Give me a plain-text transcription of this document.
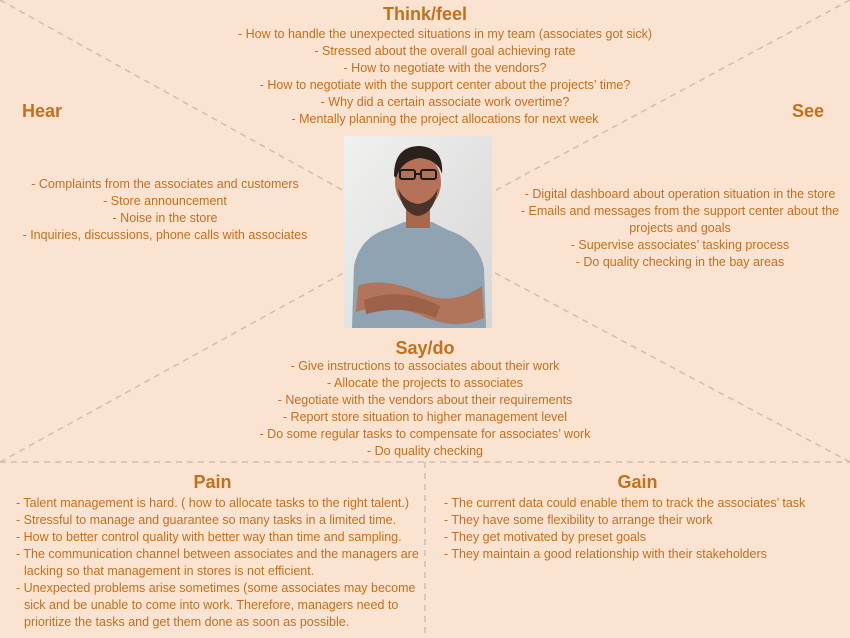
Think/feel
- How to handle the unexpected situations in my team (associates got sick)
- Stressed about the overall goal achieving rate
- How to negotiate with the vendors?
- How to negotiate with the support center about the projects’ time?
- Why did a certain associate work overtime?
- Mentally planning the project allocations for next week
Hear
- Complaints from the associates and customers
- Store announcement
- Noise in the store
- Inquiries, discussions, phone calls with associates
See
- Digital dashboard about operation situation in the store
- Emails and messages from the support center about the
projects and goals
- Supervise associates’ tasking process
- Do quality checking in the bay areas
Say/do
- Give instructions to associates about their work
- Allocate the projects to associates
- Negotiate with the vendors about their requirements
- Report store situation to higher management level
- Do some regular tasks to compensate for associates’ work
- Do quality checking
Pain
- Talent management is hard. ( how to allocate tasks to the right talent.)
- Stressful to manage and guarantee so many tasks in a limited time.
- How to better control quality with better way than time and sampling.
- The communication channel between associates and the managers are lacking so that management in stores is not efficient.
- Unexpected problems arise sometimes (some associates may become sick and be unable to come into work. Therefore, managers need to prioritize the tasks and get them done as soon as possible.
Gain
- The current data could enable them to track the associates’ task
- They have some flexibility to arrange their work
- They get motivated by preset goals
- They maintain a good relationship with their stakeholders
